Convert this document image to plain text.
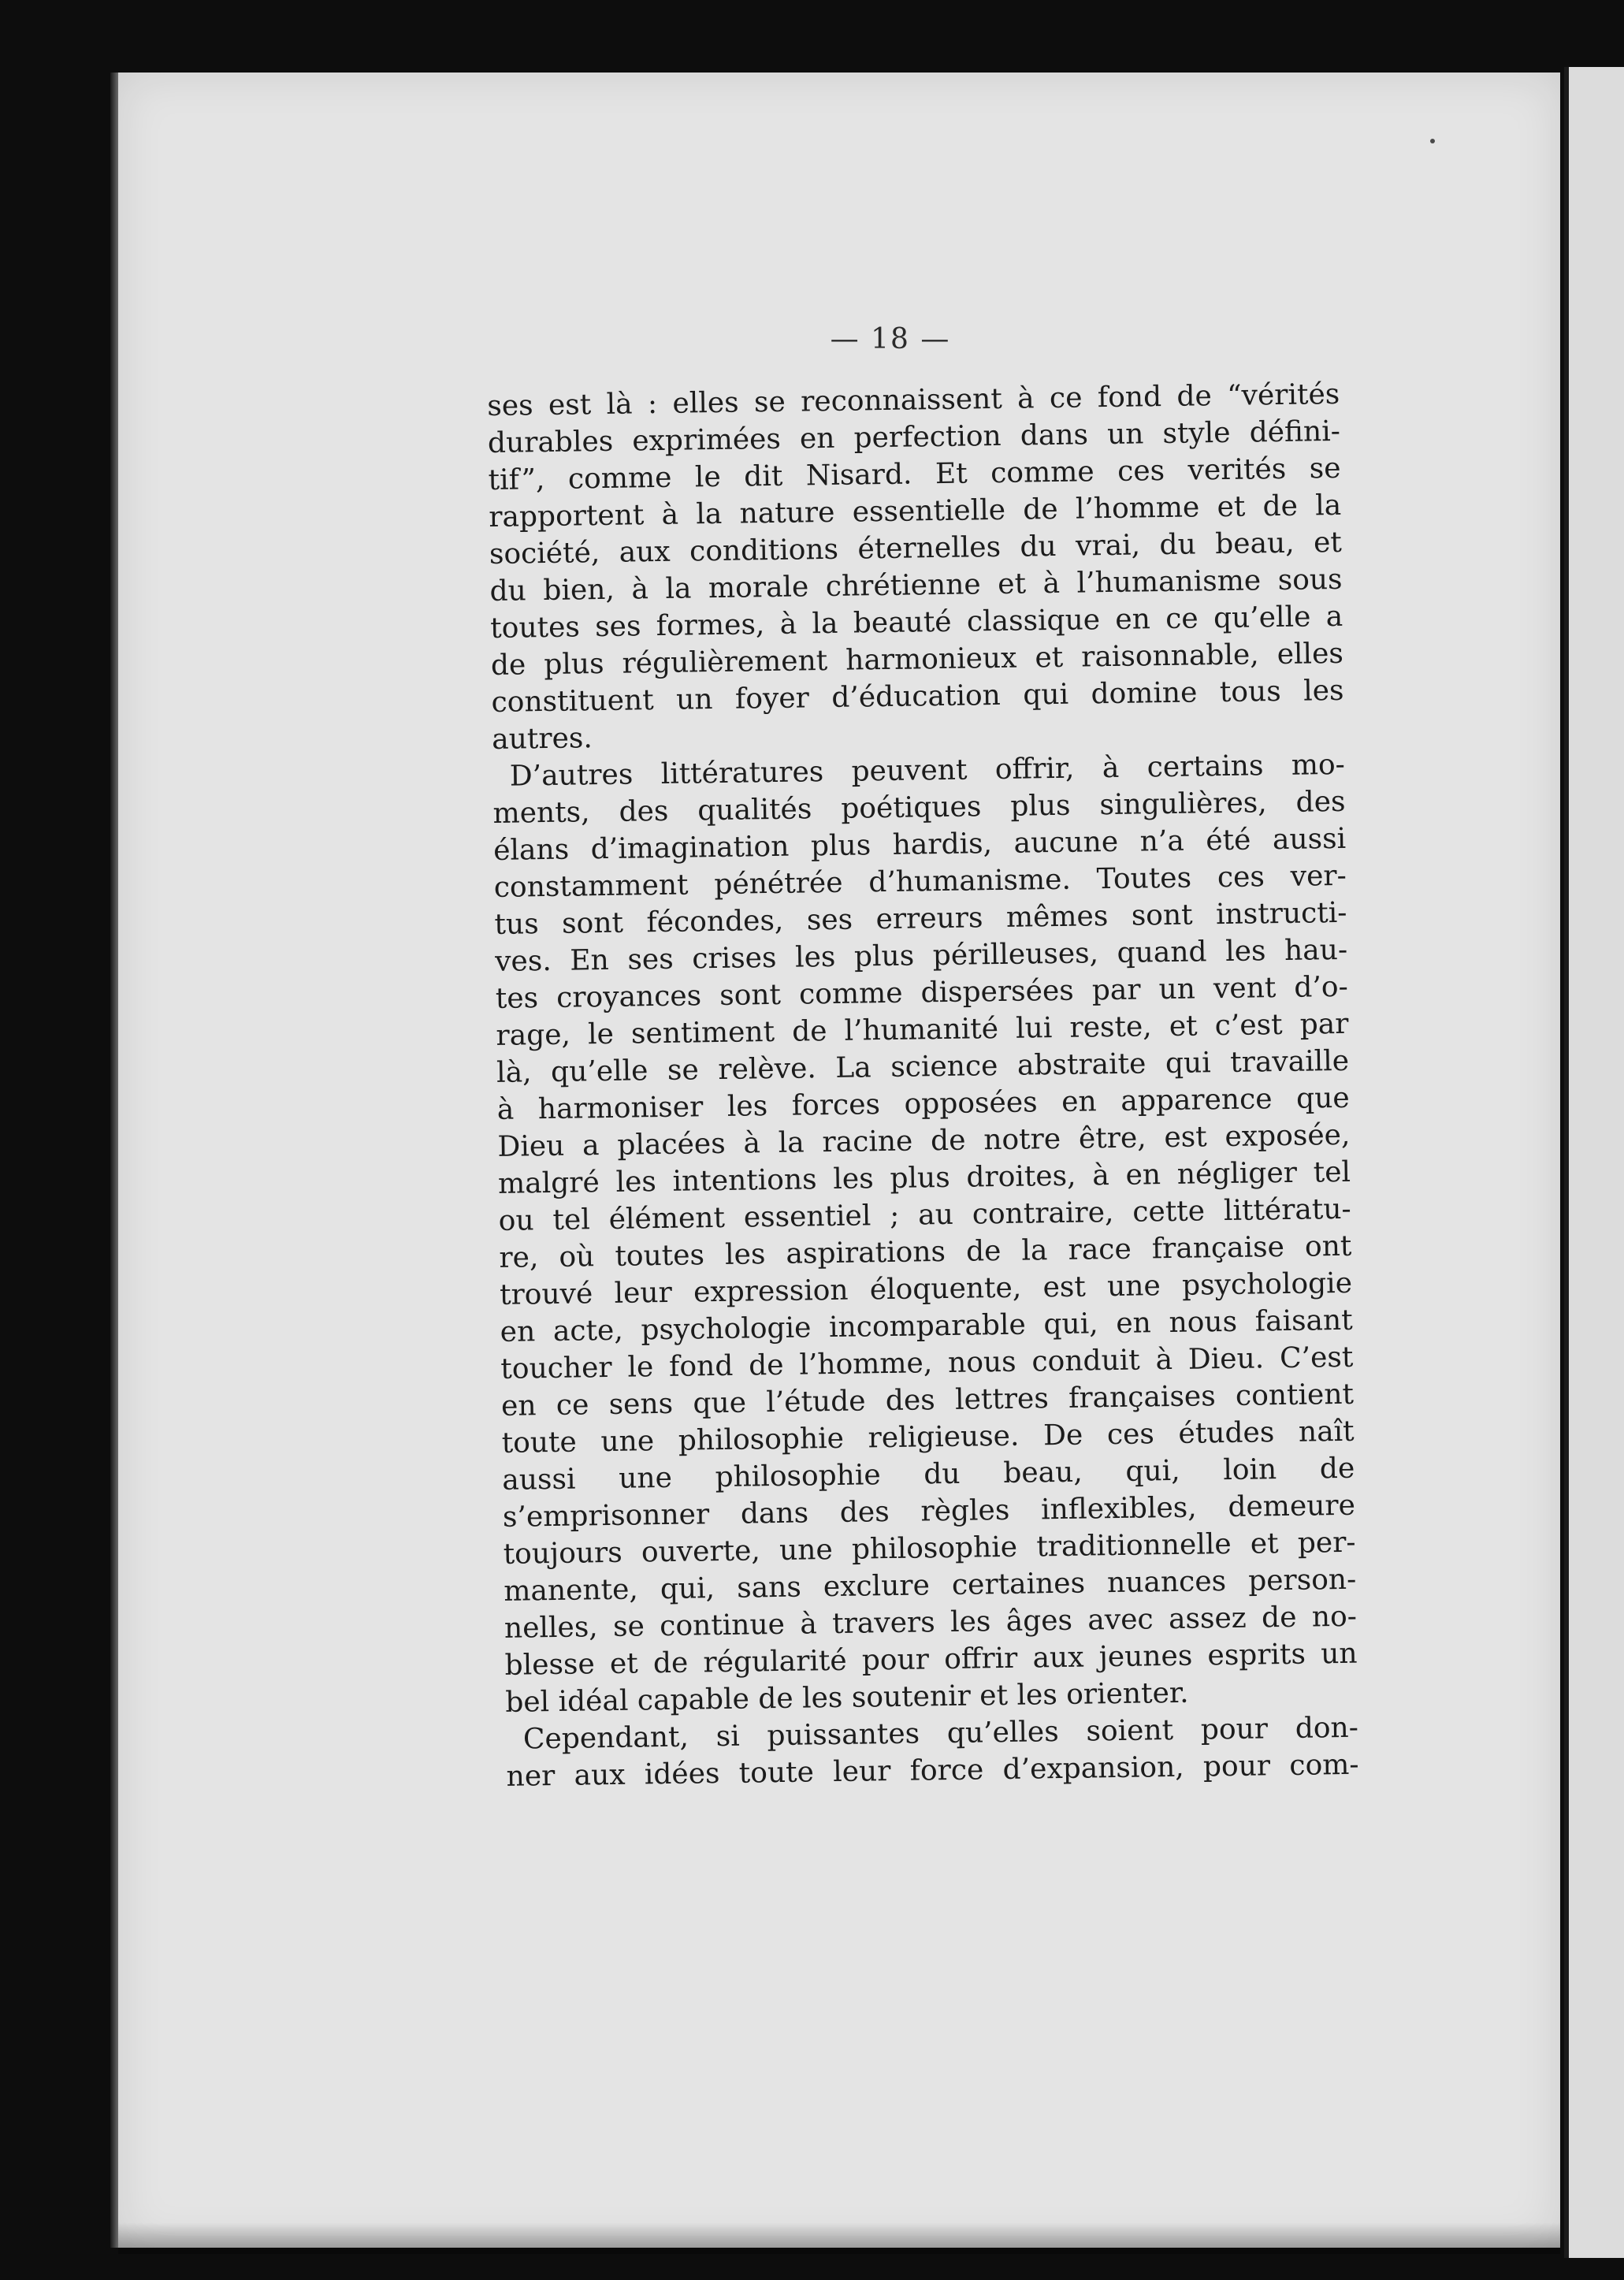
— 18 —
ses est là : elles se reconnaissent à ce fond de “vérités
durables exprimées en perfection dans un style défini-
tif”, comme le dit Nisard. Et comme ces verités se
rapportent à la nature essentielle de l’homme et de la
société, aux conditions éternelles du vrai, du beau, et
du bien, à la morale chrétienne et à l’humanisme sous
toutes ses formes, à la beauté classique en ce qu’elle a
de plus régulièrement harmonieux et raisonnable, elles
constituent un foyer d’éducation qui domine tous les
autres.
D’autres littératures peuvent offrir, à certains mo-
ments, des qualités poétiques plus singulières, des
élans d’imagination plus hardis, aucune n’a été aussi
constamment pénétrée d’humanisme. Toutes ces ver-
tus sont fécondes, ses erreurs mêmes sont instructi-
ves. En ses crises les plus périlleuses, quand les hau-
tes croyances sont comme dispersées par un vent d’o-
rage, le sentiment de l’humanité lui reste, et c’est par
là, qu’elle se relève. La science abstraite qui travaille
à harmoniser les forces opposées en apparence que
Dieu a placées à la racine de notre être, est exposée,
malgré les intentions les plus droites, à en négliger tel
ou tel élément essentiel ; au contraire, cette littératu-
re, où toutes les aspirations de la race française ont
trouvé leur expression éloquente, est une psychologie
en acte, psychologie incomparable qui, en nous faisant
toucher le fond de l’homme, nous conduit à Dieu. C’est
en ce sens que l’étude des lettres françaises contient
toute une philosophie religieuse. De ces études naît
aussi une philosophie du beau, qui, loin de
s’emprisonner dans des règles inflexibles, demeure
toujours ouverte, une philosophie traditionnelle et per-
manente, qui, sans exclure certaines nuances person-
nelles, se continue à travers les âges avec assez de no-
blesse et de régularité pour offrir aux jeunes esprits un
bel idéal capable de les soutenir et les orienter.
Cependant, si puissantes qu’elles soient pour don-
ner aux idées toute leur force d’expansion, pour com-
